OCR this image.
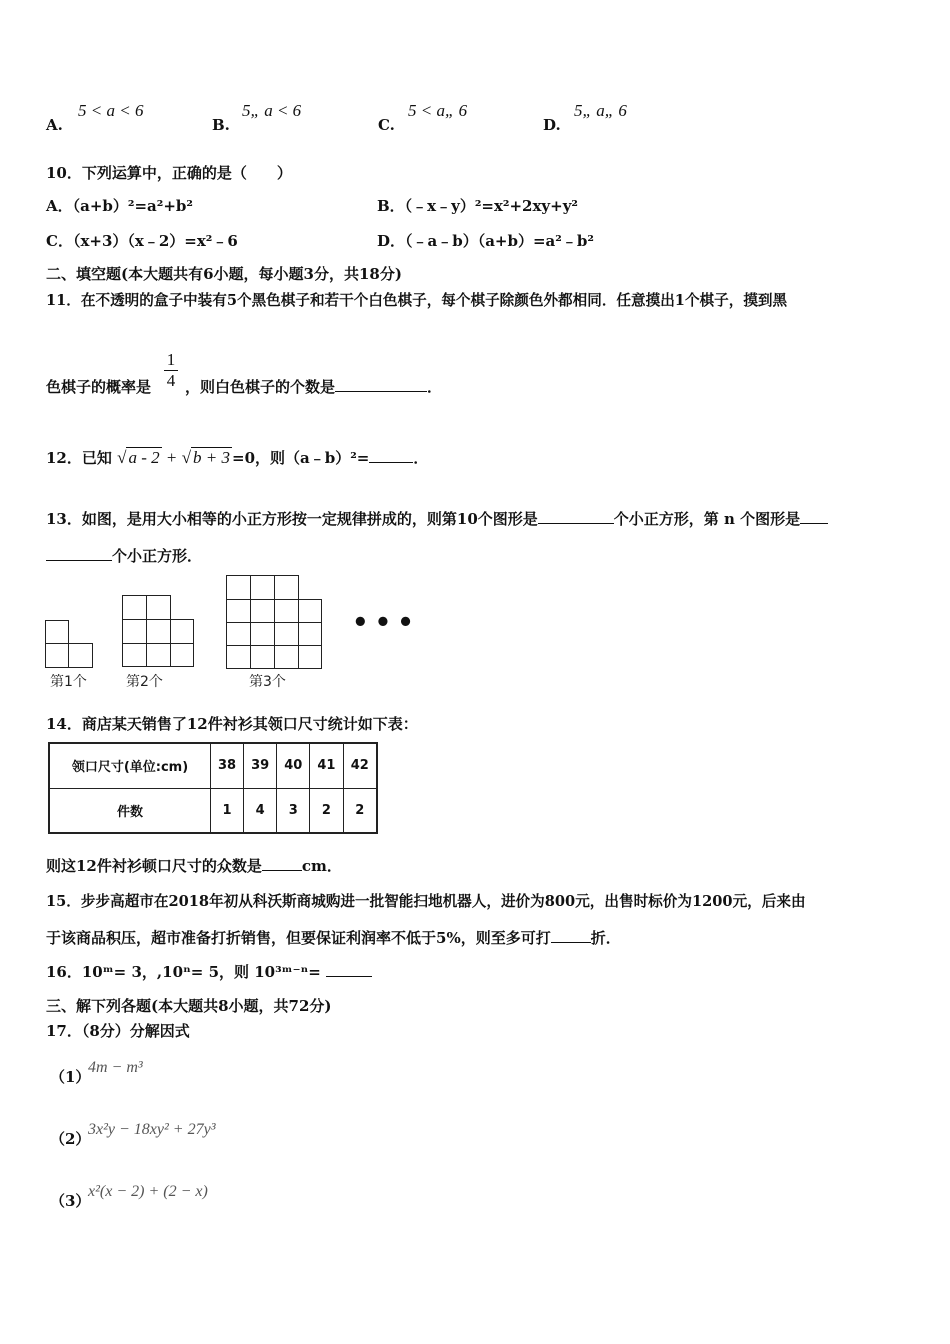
A.
5 < a < 6
B.
5„ a < 6
C.
5 < a„ 6
D.
5„ a„ 6
10．下列运算中，正确的是（　　）
A．（a+b）²=a²+b²	B．（﹣x﹣y）²=x²+2xy+y²
C．（x+3）（x﹣2）=x²﹣6	D．（﹣a﹣b）（a+b）=a²﹣b²
二、填空题(本大题共有6小题，每小题3分，共18分)
11．在不透明的盒子中装有5个黑色棋子和若干个白色棋子，每个棋子除颜色外都相同．任意摸出1个棋子，摸到黑
色棋子的概率是 ，则白色棋子的个数是	．
$\frac{1}{4}$
12．已知 √ a - 2 + √ b + 3 =0，则（a﹣b）²=	．
13．如图，是用大小相等的小正方形按一定规律拼成的，则第10个图形是	个小正方形，第 n 个图形是
个小正方形．
第1个	第2个	第3个
•••
14．商店某天销售了12件衬衫其领口尺寸统计如下表：
领口尺寸(单位:cm)	38	39	40	41	42
件数	1	4	3	2	2
则这12件衬衫顿口尺寸的众数是	cm．
15．步步高超市在2018年初从科沃斯商城购进一批智能扫地机器人，进价为800元，出售时标价为1200元，后来由
于该商品积压，超市准备打折销售，但要保证利润率不低于5%，则至多可打	折．
16．10ᵐ= 3，,10ⁿ= 5，则 10³ᵐ⁻ⁿ=
三、解下列各题(本大题共8小题，共72分)
17．（8分）分解因式
（1）
4m − m³
（2）
3x²y − 18xy² + 27y³
（3）
x²(x − 2) + (2 − x)
